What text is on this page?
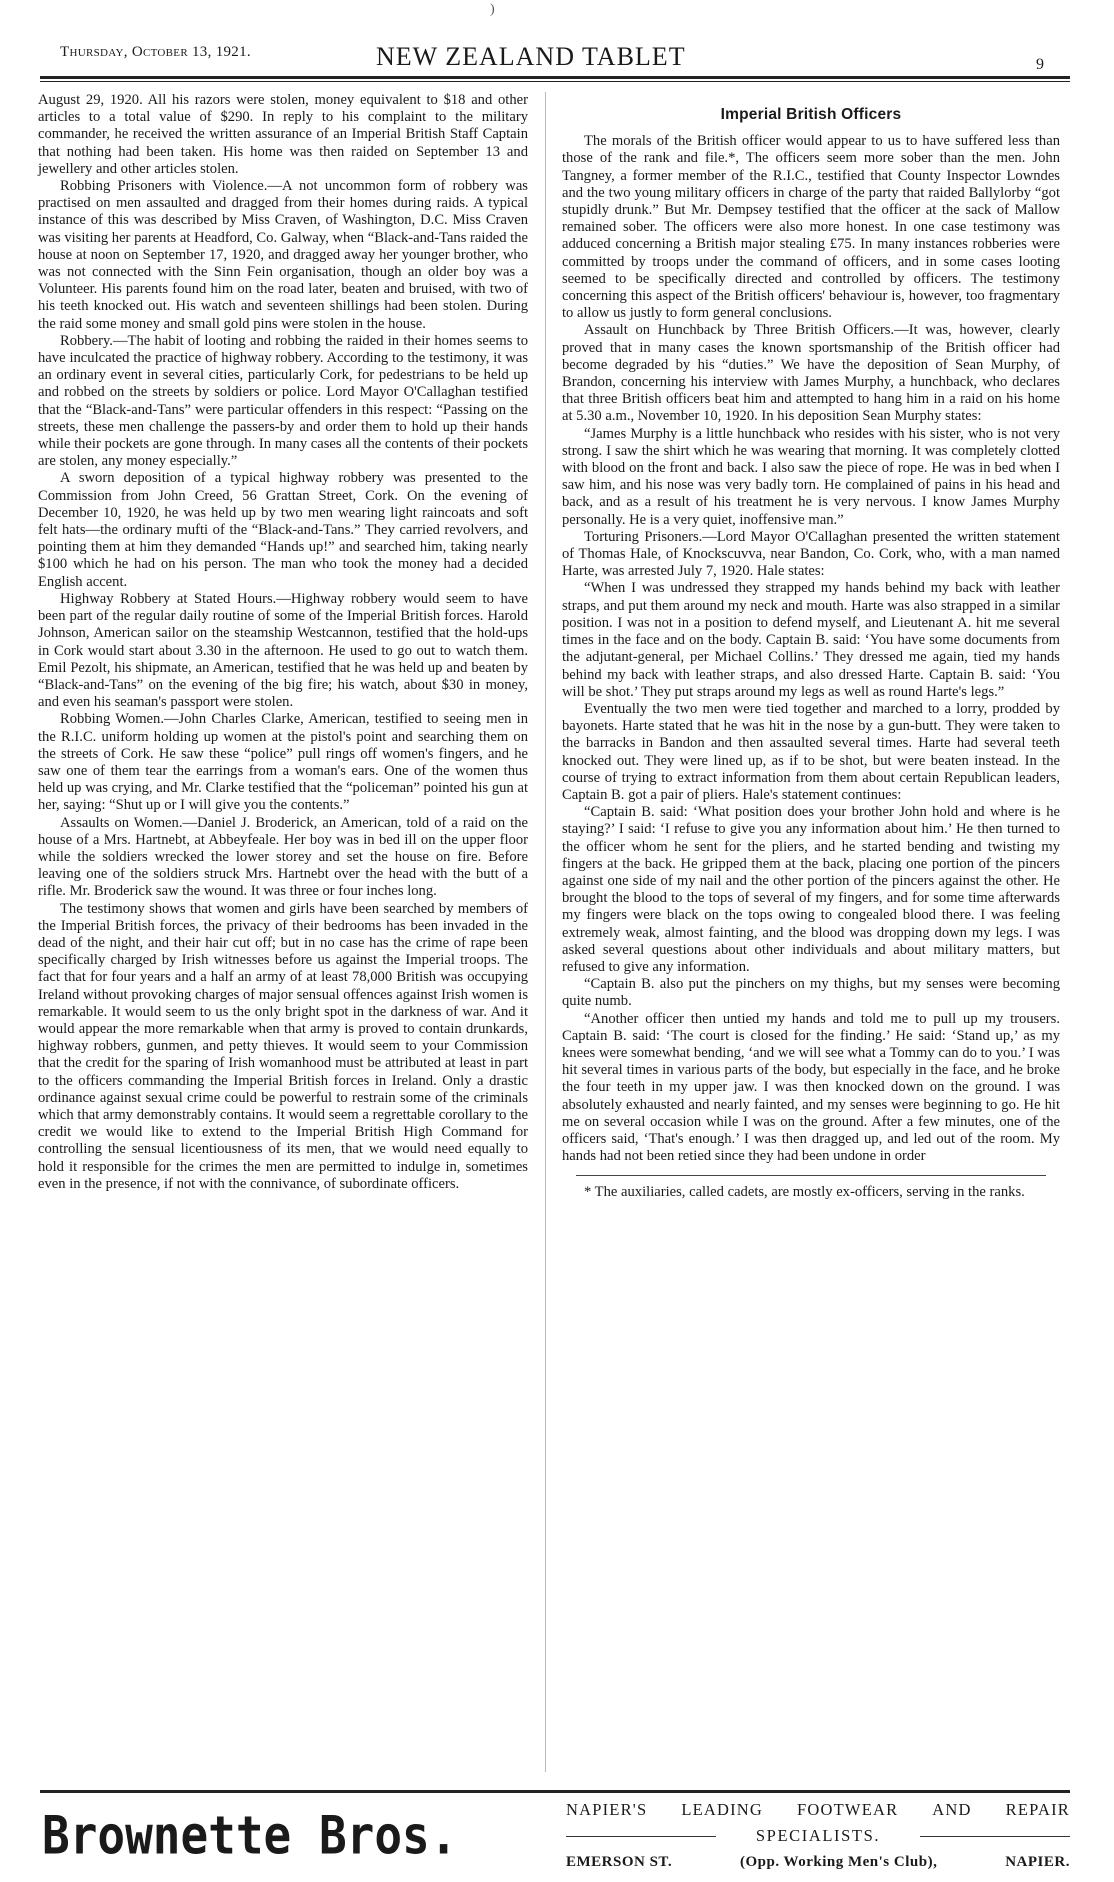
)
Thursday, October 13, 1921.	NEW ZEALAND TABLET	9

August 29, 1920. All his razors were stolen, money equivalent to $18 and other articles to a total value of $290. In reply to his complaint to the military commander, he received the written assurance of an Imperial British Staff Captain that nothing had been taken. His home was then raided on September 13 and jewellery and other articles stolen.

Robbing Prisoners with Violence.—A not uncommon form of robbery was practised on men assaulted and dragged from their homes during raids. A typical instance of this was described by Miss Craven, of Washington, D.C. Miss Craven was visiting her parents at Headford, Co. Galway, when “Black-and-Tans raided the house at noon on September 17, 1920, and dragged away her younger brother, who was not connected with the Sinn Fein organisation, though an older boy was a Volunteer. His parents found him on the road later, beaten and bruised, with two of his teeth knocked out. His watch and seventeen shillings had been stolen. During the raid some money and small gold pins were stolen in the house.

Robbery.—The habit of looting and robbing the raided in their homes seems to have inculcated the practice of highway robbery. According to the testimony, it was an ordinary event in several cities, particularly Cork, for pedestrians to be held up and robbed on the streets by soldiers or police. Lord Mayor O'Callaghan testified that the “Black-and-Tans” were particular offenders in this respect: “Passing on the streets, these men challenge the passers-by and order them to hold up their hands while their pockets are gone through. In many cases all the contents of their pockets are stolen, any money especially.”

A sworn deposition of a typical highway robbery was presented to the Commission from John Creed, 56 Grattan Street, Cork. On the evening of December 10, 1920, he was held up by two men wearing light raincoats and soft felt hats—the ordinary mufti of the “Black-and-Tans.” They carried revolvers, and pointing them at him they demanded “Hands up!” and searched him, taking nearly $100 which he had on his person. The man who took the money had a decided English accent.

Highway Robbery at Stated Hours.—Highway robbery would seem to have been part of the regular daily routine of some of the Imperial British forces. Harold Johnson, American sailor on the steamship Westcannon, testified that the hold-ups in Cork would start about 3.30 in the afternoon. He used to go out to watch them. Emil Pezolt, his shipmate, an American, testified that he was held up and beaten by “Black-and-Tans” on the evening of the big fire; his watch, about $30 in money, and even his seaman's passport were stolen.

Robbing Women.—John Charles Clarke, American, testified to seeing men in the R.I.C. uniform holding up women at the pistol's point and searching them on the streets of Cork. He saw these “police” pull rings off women's fingers, and he saw one of them tear the earrings from a woman's ears. One of the women thus held up was crying, and Mr. Clarke testified that the “policeman” pointed his gun at her, saying: “Shut up or I will give you the contents.”

Assaults on Women.—Daniel J. Broderick, an American, told of a raid on the house of a Mrs. Hartnebt, at Abbeyfeale. Her boy was in bed ill on the upper floor while the soldiers wrecked the lower storey and set the house on fire. Before leaving one of the soldiers struck Mrs. Hartnebt over the head with the butt of a rifle. Mr. Broderick saw the wound. It was three or four inches long.

The testimony shows that women and girls have been searched by members of the Imperial British forces, the privacy of their bedrooms has been invaded in the dead of the night, and their hair cut off; but in no case has the crime of rape been specifically charged by Irish witnesses before us against the Imperial troops. The fact that for four years and a half an army of at least 78,000 British was occupying Ireland without provoking charges of major sensual offences against Irish women is remarkable. It would seem to us the only bright spot in the darkness of war. And it would appear the more remarkable when that army is proved to contain drunkards, highway robbers, gunmen, and petty thieves. It would seem to your Commission that the credit for the sparing of Irish womanhood must be attributed at least in part to the officers commanding the Imperial British forces in Ireland. Only a drastic ordinance against sexual crime could be powerful to restrain some of the criminals which that army demonstrably contains. It would seem a regrettable corollary to the credit we would like to extend to the Imperial British High Command for controlling the sensual licentiousness of its men, that we would need equally to hold it responsible for the crimes the men are permitted to indulge in, sometimes even in the presence, if not with the connivance, of subordinate officers.

Imperial British Officers

The morals of the British officer would appear to us to have suffered less than those of the rank and file.*, The officers seem more sober than the men. John Tangney, a former member of the R.I.C., testified that County Inspector Lowndes and the two young military officers in charge of the party that raided Ballylorby “got stupidly drunk.” But Mr. Dempsey testified that the officer at the sack of Mallow remained sober. The officers were also more honest. In one case testimony was adduced concerning a British major stealing £75. In many instances robberies were committed by troops under the command of officers, and in some cases looting seemed to be specifically directed and controlled by officers. The testimony concerning this aspect of the British officers' behaviour is, however, too fragmentary to allow us justly to form general conclusions.

Assault on Hunchback by Three British Officers.—It was, however, clearly proved that in many cases the known sportsmanship of the British officer had become degraded by his “duties.” We have the deposition of Sean Murphy, of Brandon, concerning his interview with James Murphy, a hunchback, who declares that three British officers beat him and attempted to hang him in a raid on his home at 5.30 a.m., November 10, 1920. In his deposition Sean Murphy states:

“James Murphy is a little hunchback who resides with his sister, who is not very strong. I saw the shirt which he was wearing that morning. It was completely clotted with blood on the front and back. I also saw the piece of rope. He was in bed when I saw him, and his nose was very badly torn. He complained of pains in his head and back, and as a result of his treatment he is very nervous. I know James Murphy personally. He is a very quiet, inoffensive man.”

Torturing Prisoners.—Lord Mayor O'Callaghan presented the written statement of Thomas Hale, of Knockscuvva, near Bandon, Co. Cork, who, with a man named Harte, was arrested July 7, 1920. Hale states:

“When I was undressed they strapped my hands behind my back with leather straps, and put them around my neck and mouth. Harte was also strapped in a similar position. I was not in a position to defend myself, and Lieutenant A. hit me several times in the face and on the body. Captain B. said: ‘You have some documents from the adjutant-general, per Michael Collins.’ They dressed me again, tied my hands behind my back with leather straps, and also dressed Harte. Captain B. said: ‘You will be shot.’ They put straps around my legs as well as round Harte's legs.”

Eventually the two men were tied together and marched to a lorry, prodded by bayonets. Harte stated that he was hit in the nose by a gun-butt. They were taken to the barracks in Bandon and then assaulted several times. Harte had several teeth knocked out. They were lined up, as if to be shot, but were beaten instead. In the course of trying to extract information from them about certain Republican leaders, Captain B. got a pair of pliers. Hale's statement continues:

“Captain B. said: ‘What position does your brother John hold and where is he staying?’ I said: ‘I refuse to give you any information about him.’ He then turned to the officer whom he sent for the pliers, and he started bending and twisting my fingers at the back. He gripped them at the back, placing one portion of the pincers against one side of my nail and the other portion of the pincers against the other. He brought the blood to the tops of several of my fingers, and for some time afterwards my fingers were black on the tops owing to congealed blood there. I was feeling extremely weak, almost fainting, and the blood was dropping down my legs. I was asked several questions about other individuals and about military matters, but refused to give any information.

“Captain B. also put the pinchers on my thighs, but my senses were becoming quite numb.

“Another officer then untied my hands and told me to pull up my trousers. Captain B. said: ‘The court is closed for the finding.’ He said: ‘Stand up,’ as my knees were somewhat bending, ‘and we will see what a Tommy can do to you.’ I was hit several times in various parts of the body, but especially in the face, and he broke the four teeth in my upper jaw. I was then knocked down on the ground. I was absolutely exhausted and nearly fainted, and my senses were beginning to go. He hit me on several occasion while I was on the ground. After a few minutes, one of the officers said, ‘That's enough.’ I was then dragged up, and led out of the room. My hands had not been retied since they had been undone in order

* The auxiliaries, called cadets, are mostly ex-officers, serving in the ranks.

Brownette Bros.	NAPIER'S LEADING FOOTWEAR AND REPAIR
SPECIALISTS.
EMERSON ST.	(Opp. Working Men's Club),	NAPIER.
